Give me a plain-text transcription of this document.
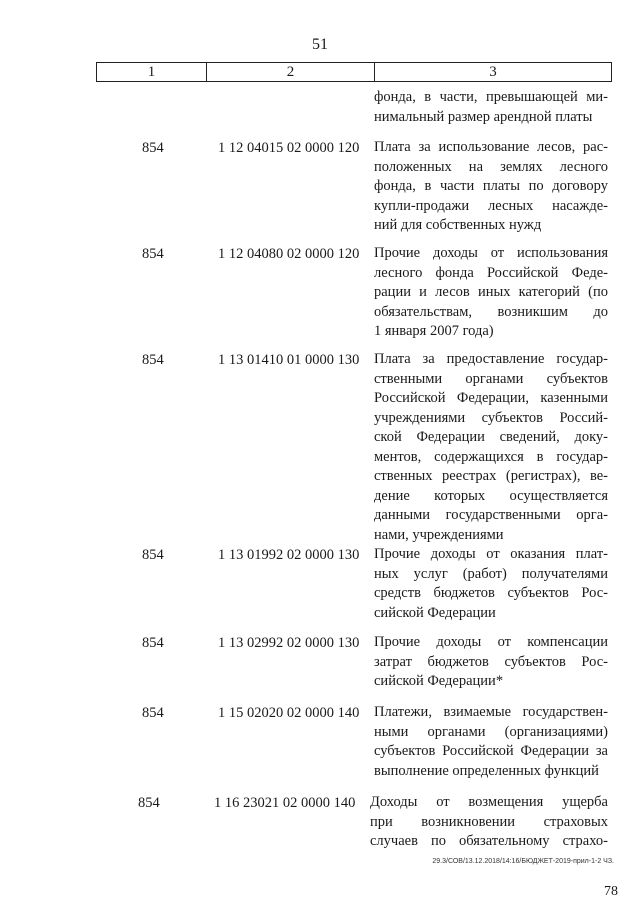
51
1	2	3
фонда, в части, превышающей ми-
нимальный размер арендной платы
854	1 12 04015 02 0000 120 Плата за использование лесов, рас-
положенных на землях лесного
фонда, в части платы по договору
купли-продажи лесных насажде-
ний для собственных нужд
854	1 12 04080 02 0000 120 Прочие доходы от использования
лесного фонда Российской Феде-
рации и лесов иных категорий (по
обязательствам, возникшим до
1 января 2007 года)
854	1 13 01410 01 0000 130 Плата за предоставление государ-
ственными органами субъектов
Российской Федерации, казенными
учреждениями субъектов Россий-
ской Федерации сведений, доку-
ментов, содержащихся в государ-
ственных реестрах (регистрах), ве-
дение которых осуществляется
данными государственными орга-
нами, учреждениями
854	1 13 01992 02 0000 130 Прочие доходы от оказания плат-
ных услуг (работ) получателями
средств бюджетов субъектов Рос-
сийской Федерации
854	1 13 02992 02 0000 130 Прочие доходы от компенсации
затрат бюджетов субъектов Рос-
сийской Федерации*
854	1 15 02020 02 0000 140 Платежи, взимаемые государствен-
ными органами (организациями)
субъектов Российской Федерации за
выполнение определенных функций
854	1 16 23021 02 0000 140 Доходы от возмещения ущерба
при возникновении страховых
случаев по обязательному страхо-
29.3/СОВ/13.12.2018/14:16/БЮДЖЕТ-2019-прил-1-2 ЧЗ.
78
